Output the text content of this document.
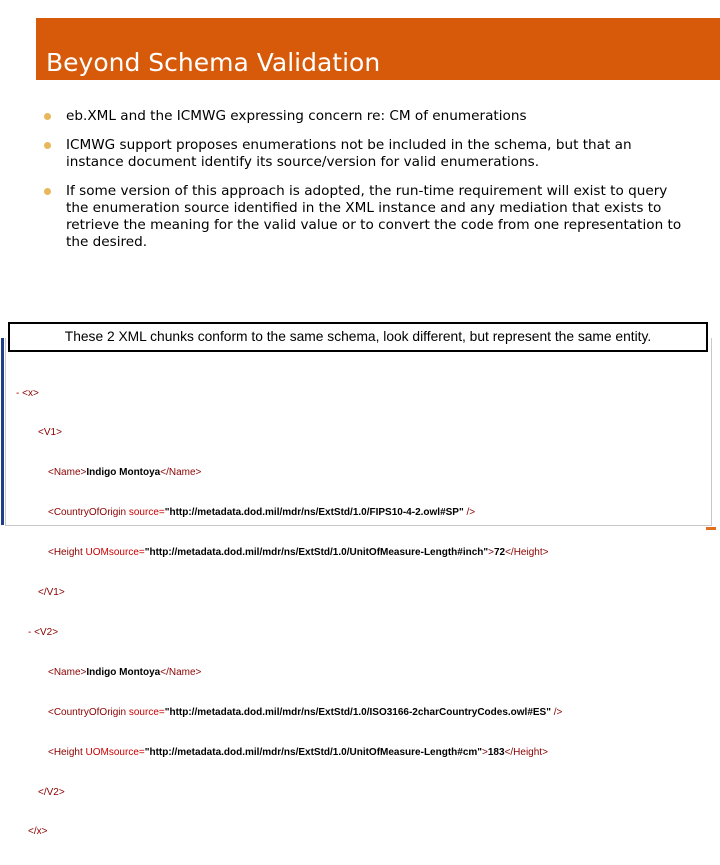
Beyond Schema Validation
eb.XML and the ICMWG expressing concern re: CM of enumerations
ICMWG support proposes enumerations not be included in the schema, but that an instance document identify its source/version for valid enumerations.
If some version of this approach is adopted, the run-time requirement will exist to query the enumeration source identified in the XML instance and any mediation that exists to retrieve the meaning for the valid value or to convert the code from one representation to the desired.

- <x>

<V1>

<Name>Indigo Montoya</Name>

<CountryOfOrigin source="http://metadata.dod.mil/mdr/ns/ExtStd/1.0/FIPS10-4-2.owl#SP" />

<Height UOMsource="http://metadata.dod.mil/mdr/ns/ExtStd/1.0/UnitOfMeasure-Length#inch">72</Height>

</V1>

- <V2>

<Name>Indigo Montoya</Name>

<CountryOfOrigin source="http://metadata.dod.mil/mdr/ns/ExtStd/1.0/ISO3166-2charCountryCodes.owl#ES" />

<Height UOMsource="http://metadata.dod.mil/mdr/ns/ExtStd/1.0/UnitOfMeasure-Length#cm">183</Height>

</V2>

</x>

These 2 XML chunks conform to the same schema, look different, but represent the same entity.
